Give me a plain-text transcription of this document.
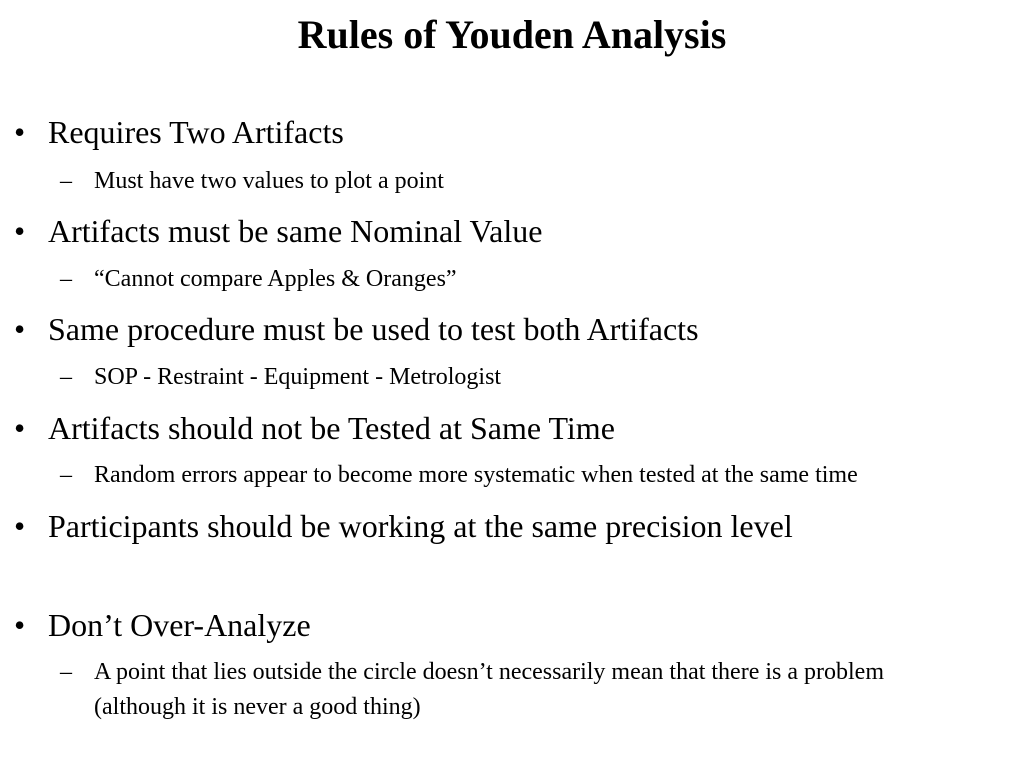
Rules of Youden Analysis
• Requires Two Artifacts
– Must have two values to plot a point
• Artifacts must be same Nominal Value
– “Cannot compare Apples & Oranges”
• Same procedure must be used to test both Artifacts
– SOP - Restraint - Equipment - Metrologist
• Artifacts should not be Tested at Same Time
– Random errors appear to become more systematic when tested at the same time
• Participants should be working at the same precision level
• Don’t Over-Analyze
– A point that lies outside the circle doesn’t necessarily mean that there is a problem (although it is never a good thing)
